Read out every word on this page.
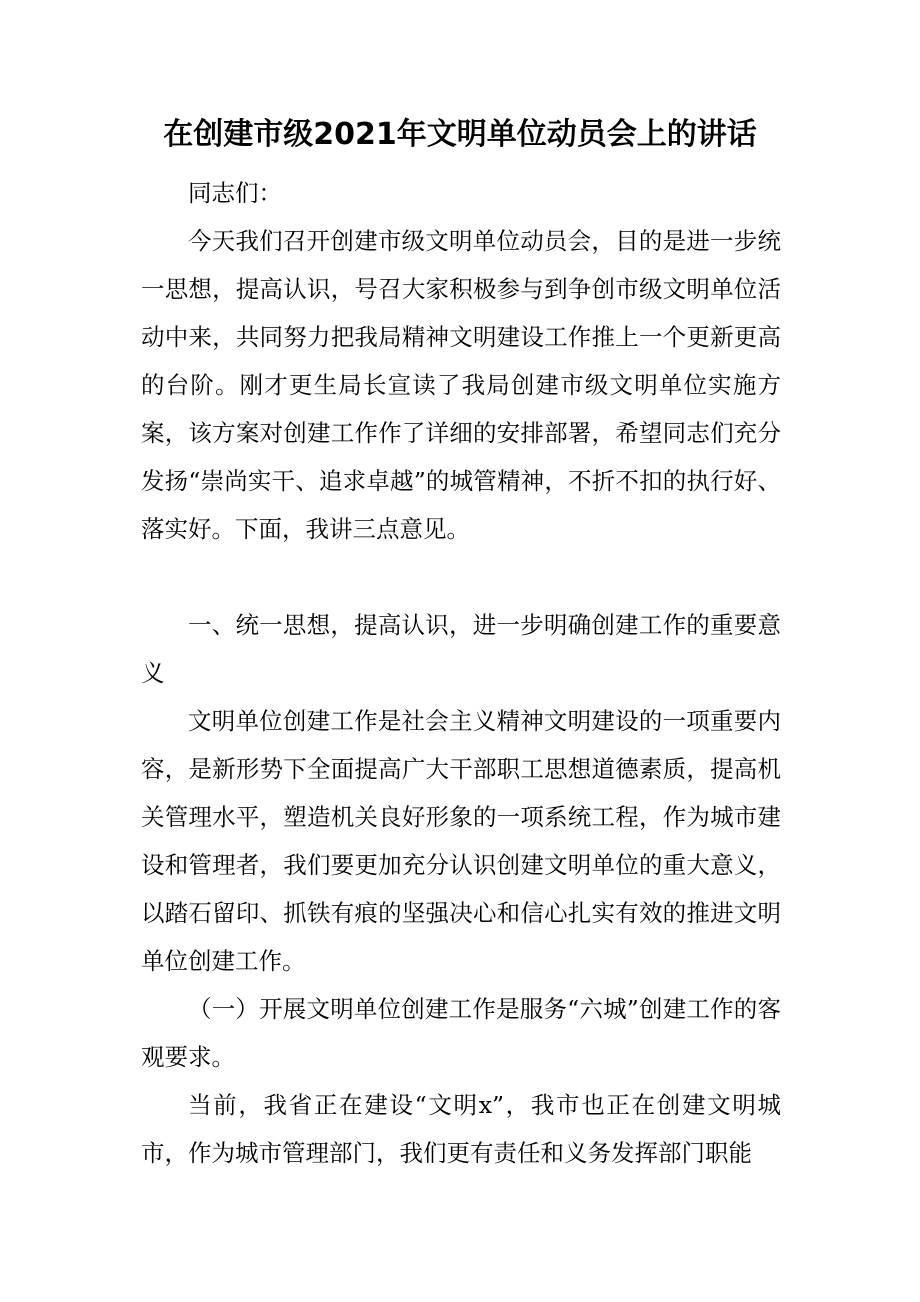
在创建市级2021年文明单位动员会上的讲话

同志们：

今天我们召开创建市级文明单位动员会，目的是进一步统一思想，提高认识，号召大家积极参与到争创市级文明单位活动中来，共同努力把我局精神文明建设工作推上一个更新更高的台阶。刚才更生局长宣读了我局创建市级文明单位实施方案，该方案对创建工作作了详细的安排部署，希望同志们充分发扬“崇尚实干、追求卓越”的城管精神，不折不扣的执行好、落实好。下面，我讲三点意见。

一、统一思想，提高认识，进一步明确创建工作的重要意义

文明单位创建工作是社会主义精神文明建设的一项重要内容，是新形势下全面提高广大干部职工思想道德素质，提高机关管理水平，塑造机关良好形象的一项系统工程，作为城市建设和管理者，我们要更加充分认识创建文明单位的重大意义，以踏石留印、抓铁有痕的坚强决心和信心扎实有效的推进文明单位创建工作。

（一）开展文明单位创建工作是服务“六城”创建工作的客观要求。

当前，我省正在建设“文明x”，我市也正在创建文明城市，作为城市管理部门，我们更有责任和义务发挥部门职能
